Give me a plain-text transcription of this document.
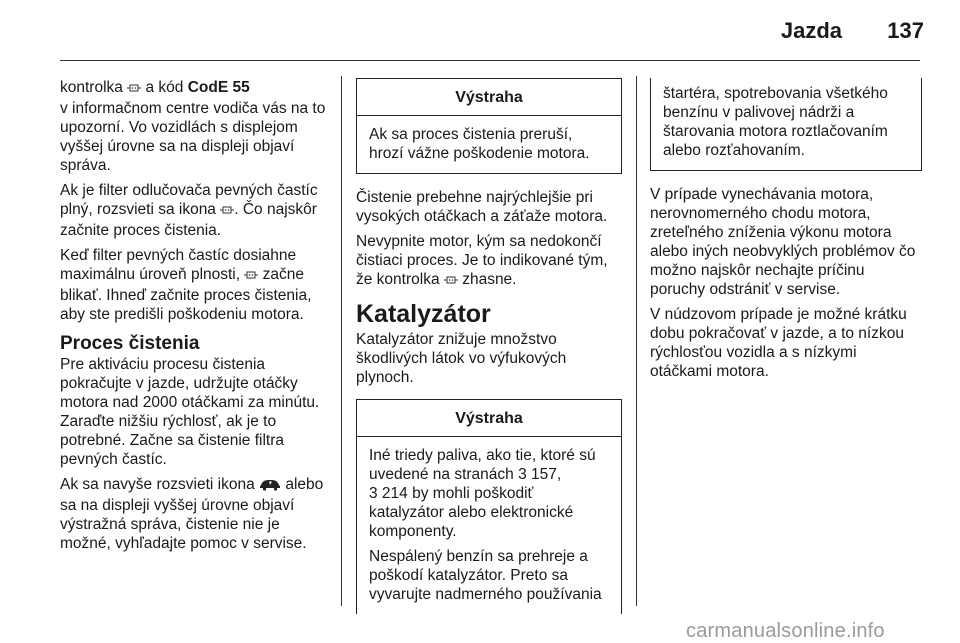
Jazda 137

kontrolka  a kód CodE 55
v informačnom centre vodiča vás na to upozorní. Vo vozidlách s displejom vyššej úrovne sa na displeji objaví správa.

Ak je filter odlučovača pevných častíc plný, rozsvieti sa ikona . Čo najskôr začnite proces čistenia.

Keď filter pevných častíc dosiahne maximálnu úroveň plnosti,  začne blikať. Ihneď začnite proces čistenia, aby ste predišli poškodeniu motora.

Proces čistenia

Pre aktiváciu procesu čistenia pokračujte v jazde, udržujte otáčky motora nad 2000 otáčkami za minútu. Zaraďte nižšiu rýchlosť, ak je to potrebné. Začne sa čistenie filtra pevných častíc.

Ak sa navyše rozsvieti ikona  alebo sa na displeji vyššej úrovne objaví výstražná správa, čistenie nie je možné, vyhľadajte pomoc v servise.

Výstraha

Ak sa proces čistenia preruší, hrozí vážne poškodenie motora.

Čistenie prebehne najrýchlejšie pri vysokých otáčkach a záťaže motora.

Nevypnite motor, kým sa nedokončí čistiaci proces. Je to indikované tým, že kontrolka  zhasne.

Katalyzátor

Katalyzátor znižuje množstvo škodlivých látok vo výfukových plynoch.

Výstraha

Iné triedy paliva, ako tie, ktoré sú uvedené na stranách 3 157,
3 214 by mohli poškodiť katalyzátor alebo elektronické komponenty.

Nespálený benzín sa prehreje a poškodí katalyzátor. Preto sa vyvarujte nadmerného používania

štartéra, spotrebovania všetkého benzínu v palivovej nádrži a štarovania motora roztlačovaním alebo rozťahovaním.

V prípade vynechávania motora, nerovnomerného chodu motora, zreteľného zníženia výkonu motora alebo iných neobvyklých problémov čo možno najskôr nechajte príčinu poruchy odstrániť v servise.

V núdzovom prípade je možné krátku dobu pokračovať v jazde, a to nízkou rýchlosťou vozidla a s nízkymi otáčkami motora.

carmanualsonline.info
